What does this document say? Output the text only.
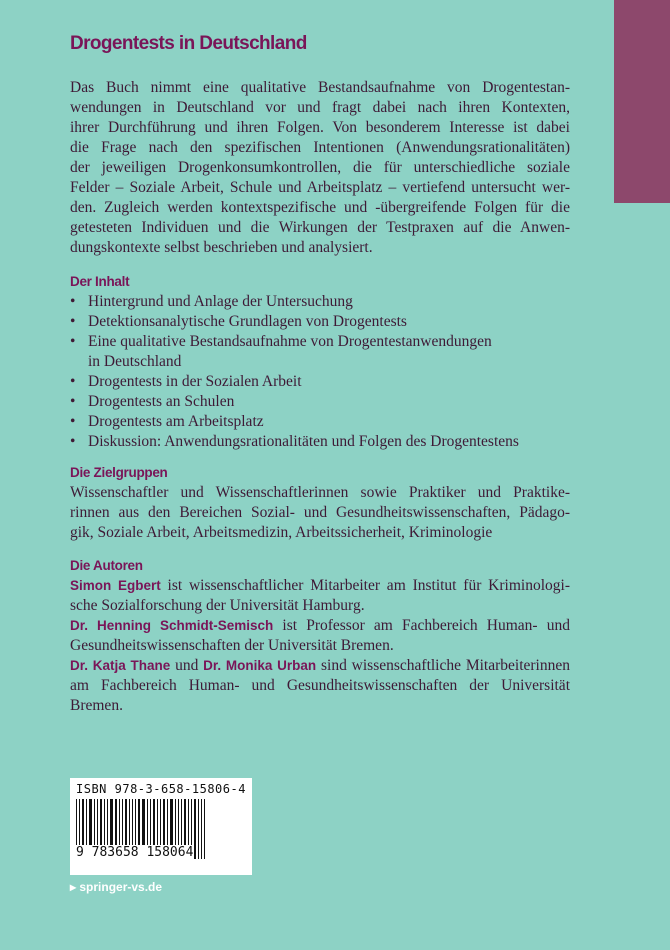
Drogentests in Deutschland
Das Buch nimmt eine qualitative Bestandsaufnahme von Drogentestan-
wendungen in Deutschland vor und fragt dabei nach ihren Kontexten,
ihrer Durchführung und ihren Folgen. Von besonderem Interesse ist dabei
die Frage nach den spezifischen Intentionen (Anwendungsrationalitäten)
der jeweiligen Drogenkonsumkontrollen, die für unterschiedliche soziale
Felder – Soziale Arbeit, Schule und Arbeitsplatz – vertiefend untersucht wer-
den. Zugleich werden kontextspezifische und -übergreifende Folgen für die
getesteten Individuen und die Wirkungen der Testpraxen auf die Anwen-
dungskontexte selbst beschrieben und analysiert.
Der Inhalt
• Hintergrund und Anlage der Untersuchung
• Detektionsanalytische Grundlagen von Drogentests
• Eine qualitative Bestandsaufnahme von Drogentestanwendungen
in Deutschland
• Drogentests in der Sozialen Arbeit
• Drogentests an Schulen
• Drogentests am Arbeitsplatz
• Diskussion: Anwendungsrationalitäten und Folgen des Drogentestens
Die Zielgruppen
Wissenschaftler und Wissenschaftlerinnen sowie Praktiker und Praktike-
rinnen aus den Bereichen Sozial- und Gesundheitswissenschaften, Pädago-
gik, Soziale Arbeit, Arbeitsmedizin, Arbeitssicherheit, Kriminologie
Die Autoren
Simon Egbert ist wissenschaftlicher Mitarbeiter am Institut für Kriminologi-
sche Sozialforschung der Universität Hamburg.
Dr. Henning Schmidt-Semisch ist Professor am Fachbereich Human- und
Gesundheitswissenschaften der Universität Bremen.
Dr. Katja Thane und Dr. Monika Urban sind wissenschaftliche Mitarbeiterinnen
am Fachbereich Human- und Gesundheitswissenschaften der Universität
Bremen.
ISBN 978-3-658-15806-4
9 783658 158064
▸ springer-vs.de
